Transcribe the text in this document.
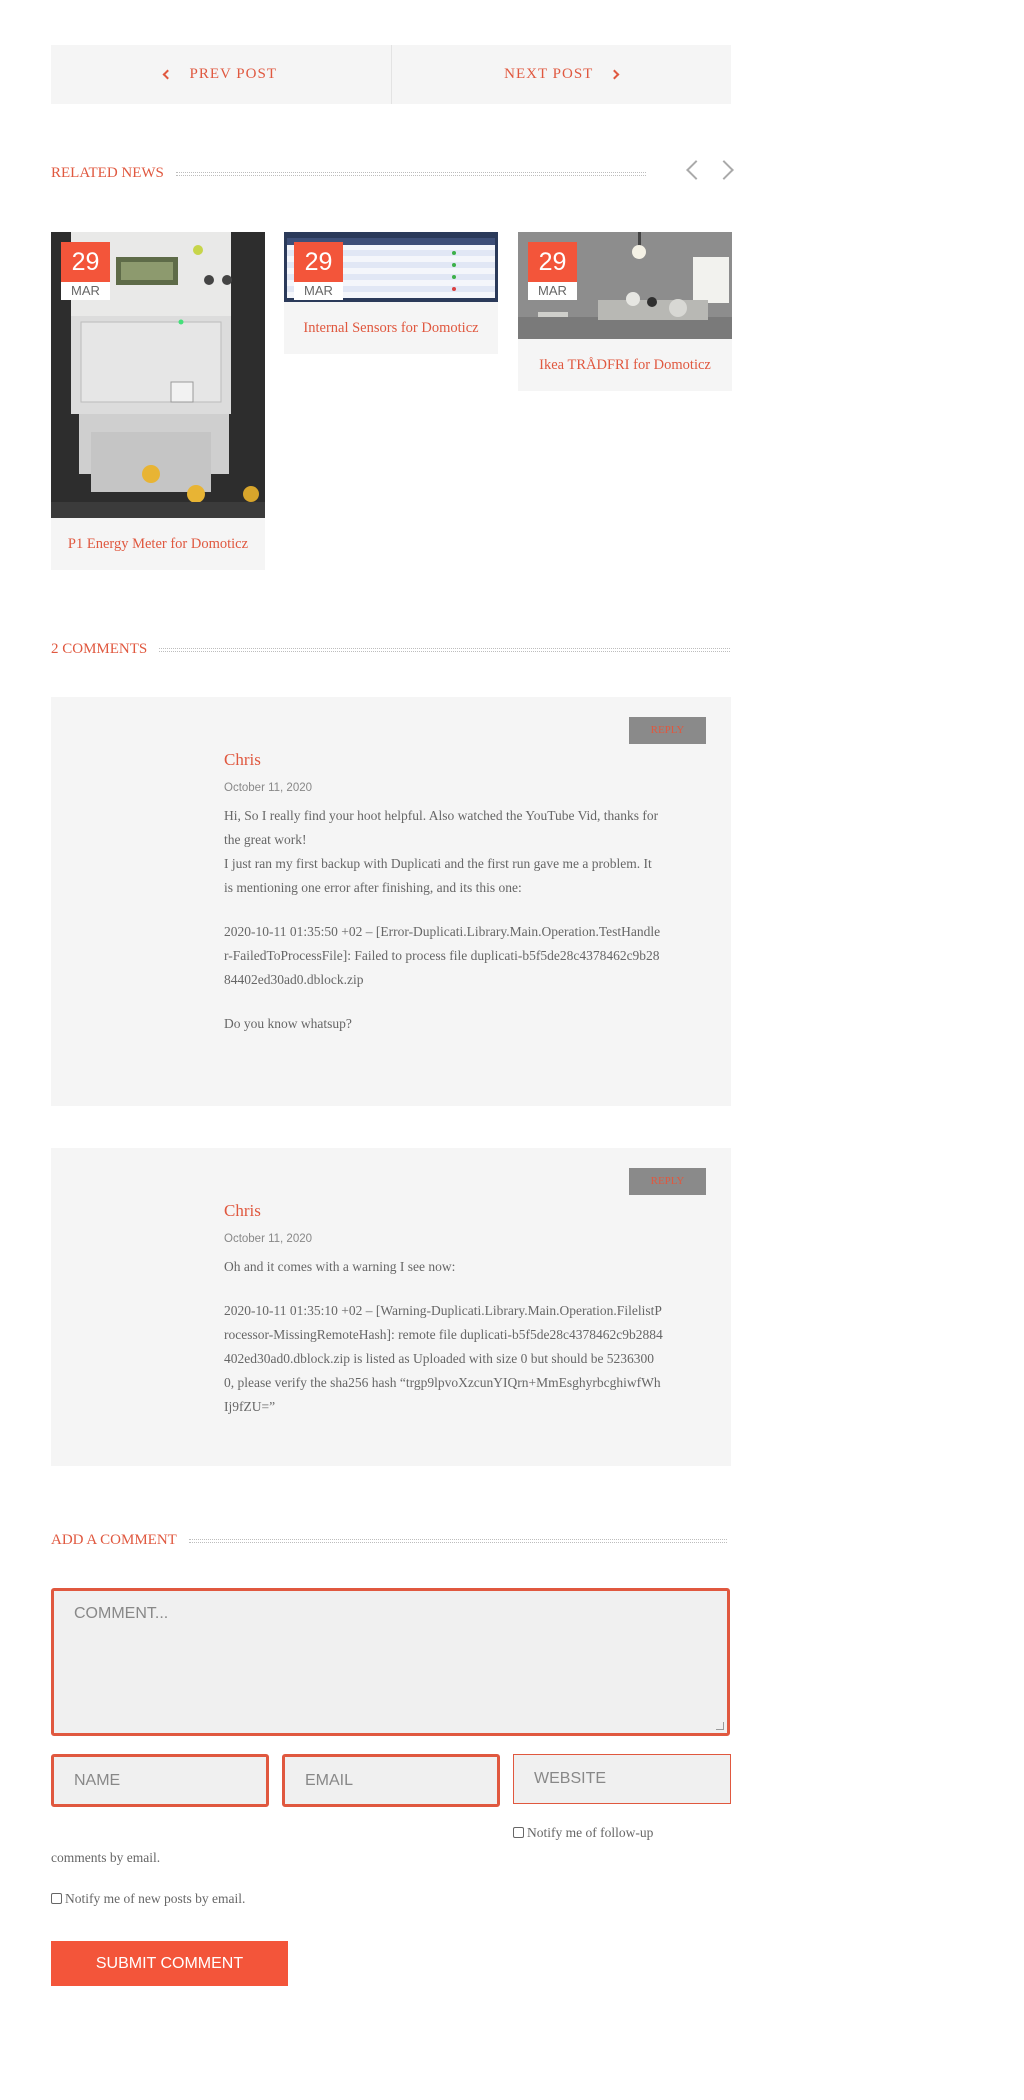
PREV POST	NEXT POST
RELATED NEWS
29
MAR
P1 Energy Meter for Domoticz
29
MAR
Internal Sensors for Domoticz
29
MAR
Ikea TRÅDFRI for Domoticz
2 COMMENTS
REPLY
Chris
October 11, 2020

Hi, So I really find your hoot helpful. Also watched the YouTube Vid, thanks for the great work!

I just ran my first backup with Duplicati and the first run gave me a problem. It is mentioning one error after finishing, and its this one:

2020-10-11 01:35:50 +02 – [Error-Duplicati.Library.Main.Operation.TestHandler-FailedToProcessFile]: Failed to process file duplicati-b5f5de28c4378462c9b2884402ed30ad0.dblock.zip

Do you know whatsup?

REPLY
Chris
October 11, 2020

Oh and it comes with a warning I see now:

2020-10-11 01:35:10 +02 – [Warning-Duplicati.Library.Main.Operation.FilelistProcessor-MissingRemoteHash]: remote file duplicati-b5f5de28c4378462c9b2884402ed30ad0.dblock.zip is listed as Uploaded with size 0 but should be 52363000, please verify the sha256 hash “trgp9lpvoXzcunYIQrn+MmEsghyrbcghiwfWhIj9fZU=”

ADD A COMMENT
COMMENT...
NAME	EMAIL	WEBSITE
Notify me of follow-up
comments by email.
Notify me of new posts by email.
SUBMIT COMMENT
